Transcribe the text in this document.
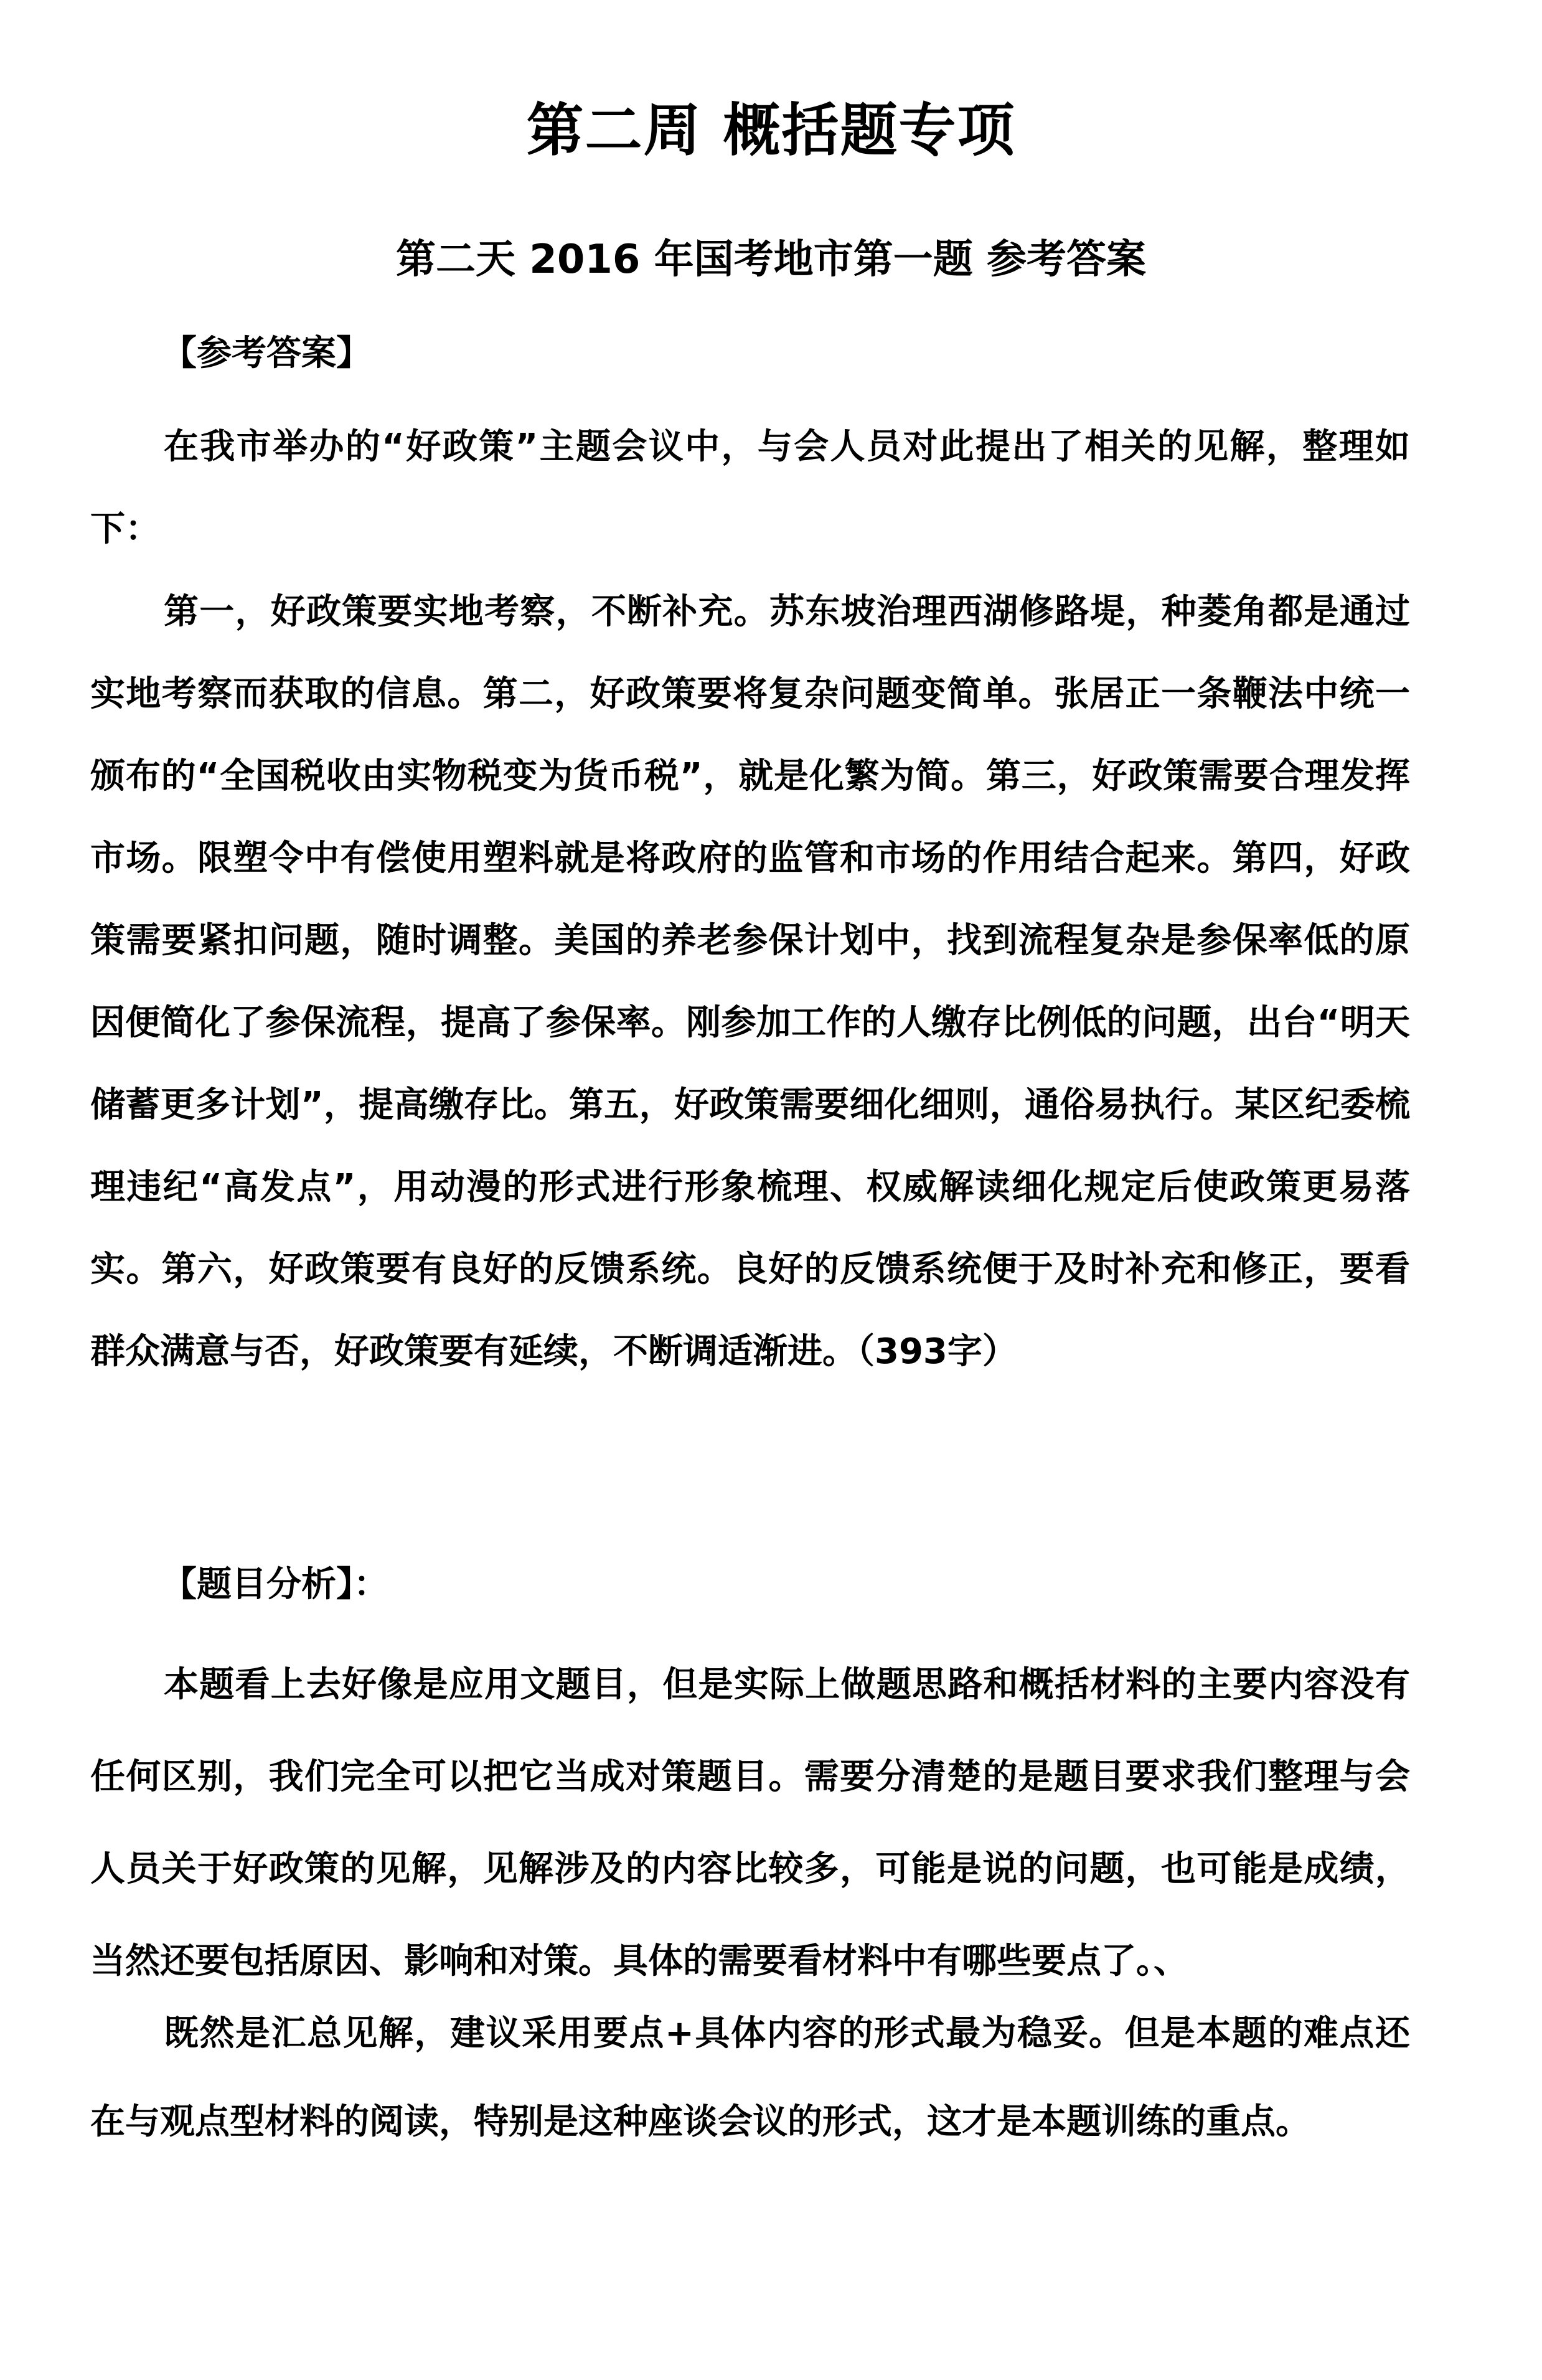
第二周 概括题专项
第二天 2016 年国考地市第一题 参考答案
【参考答案】

在我市举办的“好政策”主题会议中，与会人员对此提出了相关的见解，整理如下：

第一，好政策要实地考察，不断补充。苏东坡治理西湖修路堤，种菱角都是通过实地考察而获取的信息。第二，好政策要将复杂问题变简单。张居正一条鞭法中统一颁布的“全国税收由实物税变为货币税”，就是化繁为简。第三，好政策需要合理发挥市场。限塑令中有偿使用塑料就是将政府的监管和市场的作用结合起来。第四，好政策需要紧扣问题，随时调整。美国的养老参保计划中，找到流程复杂是参保率低的原因便简化了参保流程，提高了参保率。刚参加工作的人缴存比例低的问题，出台“明天储蓄更多计划”，提高缴存比。第五，好政策需要细化细则，通俗易执行。某区纪委梳理违纪“高发点”，用动漫的形式进行形象梳理、权威解读细化规定后使政策更易落实。第六，好政策要有良好的反馈系统。良好的反馈系统便于及时补充和修正，要看群众满意与否，好政策要有延续，不断调适渐进。（393字）

【题目分析】：

本题看上去好像是应用文题目，但是实际上做题思路和概括材料的主要内容没有任何区别，我们完全可以把它当成对策题目。需要分清楚的是题目要求我们整理与会人员关于好政策的见解，见解涉及的内容比较多，可能是说的问题，也可能是成绩，当然还要包括原因、影响和对策。具体的需要看材料中有哪些要点了。、

既然是汇总见解，建议采用要点+具体内容的形式最为稳妥。但是本题的难点还在与观点型材料的阅读，特别是这种座谈会议的形式，这才是本题训练的重点。
